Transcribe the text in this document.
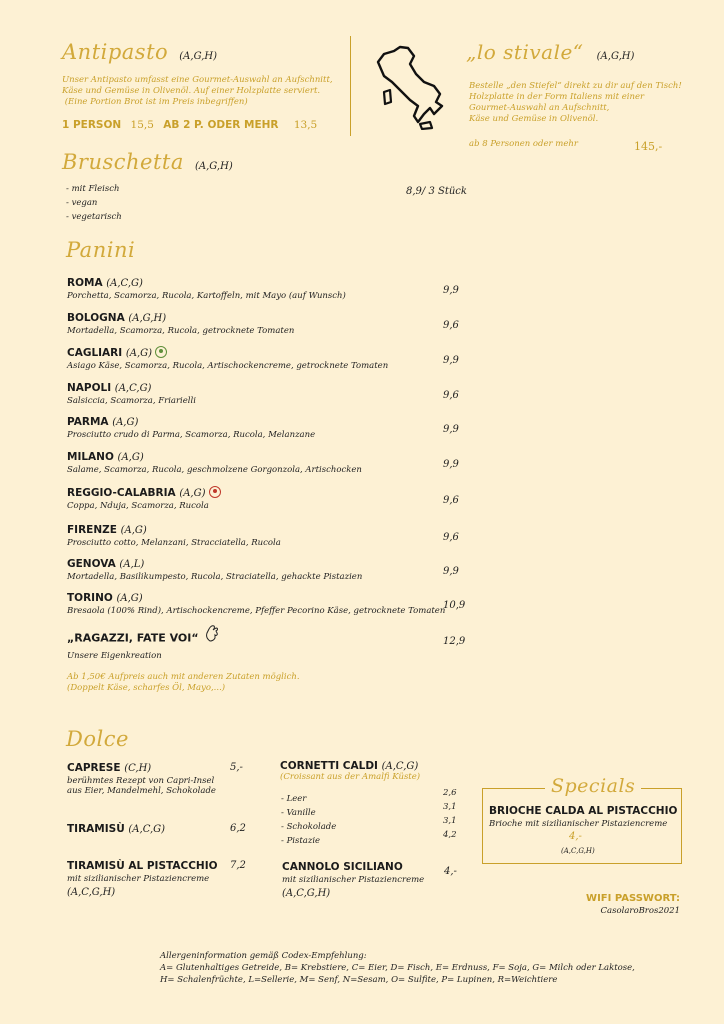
Antipasto (A,G,H)
Unser Antipasto umfasst eine Gourmet-Auswahl an Aufschnitt,
Käse und Gemüse in Olivenöl. Auf einer Holzplatte serviert.
(Eine Portion Brot ist im Preis inbegriffen)
1 PERSON 15,5 AB 2 P. ODER MEHR 13,5
„lo stivale“ (A,G,H)
Bestelle „den Stiefel“ direkt zu dir auf den Tisch!
Holzplatte in der Form Italiens mit einer
Gourmet-Auswahl an Aufschnitt,
Käse und Gemüse in Olivenöl.
ab 8 Personen oder mehr	145,-
Bruschetta (A,G,H)
- mit Fleisch
- vegan
- vegetarisch
8,9/ 3 Stück
Panini
ROMA (A,C,G)
Porchetta, Scamorza, Rucola, Kartoffeln, mit Mayo (auf Wunsch)	9,9
BOLOGNA (A,G,H)
Mortadella, Scamorza, Rucola, getrocknete Tomaten	9,6
CAGLIARI (A,G)
Asiago Käse, Scamorza, Rucola, Artischockencreme, getrocknete Tomaten	9,9
NAPOLI (A,C,G)
Salsiccia, Scamorza, Friarielli	9,6
PARMA (A,G)
Prosciutto crudo di Parma, Scamorza, Rucola, Melanzane	9,9
MILANO (A,G)
Salame, Scamorza, Rucola, geschmolzene Gorgonzola, Artischocken	9,9
REGGIO-CALABRIA (A,G)
Coppa, Nduja, Scamorza, Rucola	9,6
FIRENZE (A,G)
Prosciutto cotto, Melanzani, Stracciatella, Rucola	9,6
GENOVA (A,L)
Mortadella, Basilikumpesto, Rucola, Straciatella, gehackte Pistazien	9,9
TORINO (A,G)
Bresaola (100% Rind), Artischockencreme, Pfeffer Pecorino Käse, getrocknete Tomaten
10,9
„RAGAZZI, FATE VOI“
Unsere Eigenkreation
12,9
Ab 1,50€ Aufpreis auch mit anderen Zutaten möglich.
(Doppelt Käse, scharfes Öl, Mayo,...)
Dolce
CAPRESE (C,H)
berühmtes Rezept von Capri-Insel
aus Eier, Mandelmehl, Schokolade
5,-
TIRAMISÙ (A,C,G)	6,2
TIRAMISÙ AL PISTACCHIO
mit sizilianischer Pistaziencreme
(A,C,G,H)
7,2
CORNETTI CALDI (A,C,G)
(Croissant aus der Amalfi Küste)
- Leer
2,6
- Vanille
3,1
- Schokolade
3,1
- Pistazie
4,2
CANNOLO SICILIANO
mit sizilianischer Pistaziencreme
(A,C,G,H)
4,-
Specials
BRIOCHE CALDA AL PISTACCHIO
Brioche mit sizilianischer Pistaziencreme
4,-
(A,C,G,H)
WIFI PASSWORT:
CasolaroBros2021
Allergeninformation gemäß Codex-Empfehlung:
A= Glutenhaltiges Getreide, B= Krebstiere, C= Eier, D= Fisch, E= Erdnuss, F= Soja, G= Milch oder Laktose,
H= Schalenfrüchte, L=Sellerie, M= Senf, N=Sesam, O= Sulfite, P= Lupinen, R=Weichtiere
